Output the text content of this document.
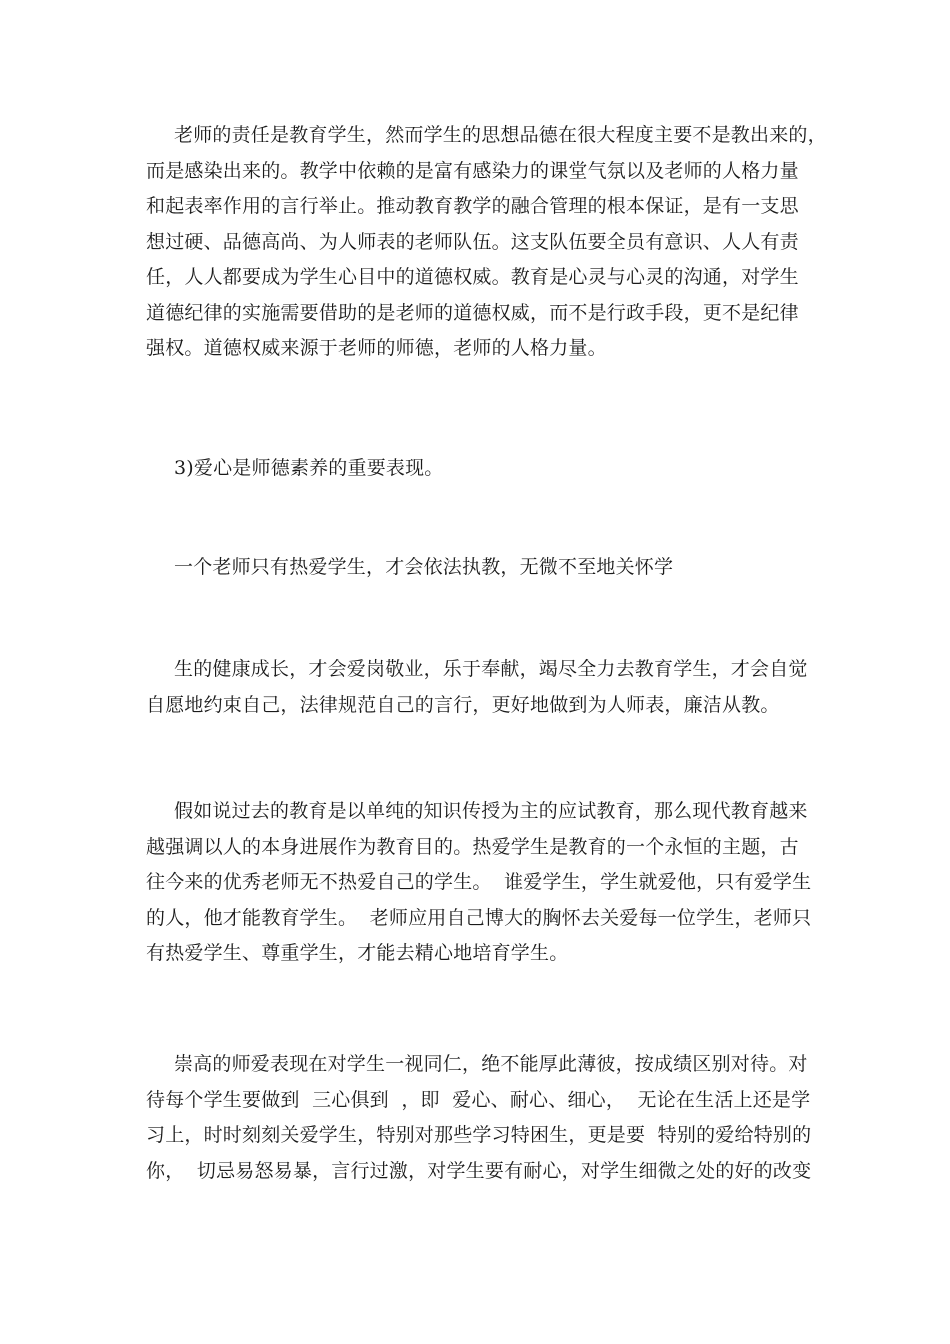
老师的责任是教育学生，然而学生的思想品德在很大程度主要不是教出来的，
而是感染出来的。教学中依赖的是富有感染力的课堂气氛以及老师的人格力量
和起表率作用的言行举止。推动教育教学的融合管理的根本保证，是有一支思
想过硬、品德高尚、为人师表的老师队伍。这支队伍要全员有意识、人人有责
任，人人都要成为学生心目中的道德权威。教育是心灵与心灵的沟通，对学生
道德纪律的实施需要借助的是老师的道德权威，而不是行政手段，更不是纪律
强权。道德权威来源于老师的师德，老师的人格力量。
3)爱心是师德素养的重要表现。
一个老师只有热爱学生，才会依法执教，无微不至地关怀学
生的健康成长，才会爱岗敬业，乐于奉献，竭尽全力去教育学生，才会自觉
自愿地约束自己，法律规范自己的言行，更好地做到为人师表，廉洁从教。
假如说过去的教育是以单纯的知识传授为主的应试教育，那么现代教育越来
越强调以人的本身进展作为教育目的。热爱学生是教育的一个永恒的主题，古
往今来的优秀老师无不热爱自己的学生。  谁爱学生，学生就爱他，只有爱学生
的人，他才能教育学生。  老师应用自己博大的胸怀去关爱每一位学生，老师只
有热爱学生、尊重学生，才能去精心地培育学生。
崇高的师爱表现在对学生一视同仁，绝不能厚此薄彼，按成绩区别对待。对
待每个学生要做到  三心俱到  ，即  爱心、耐心、细心，  无论在生活上还是学
习上，时时刻刻关爱学生，特别对那些学习特困生，更是要  特别的爱给特别的
你，  切忌易怒易暴，言行过激，对学生要有耐心，对学生细微之处的好的改变
